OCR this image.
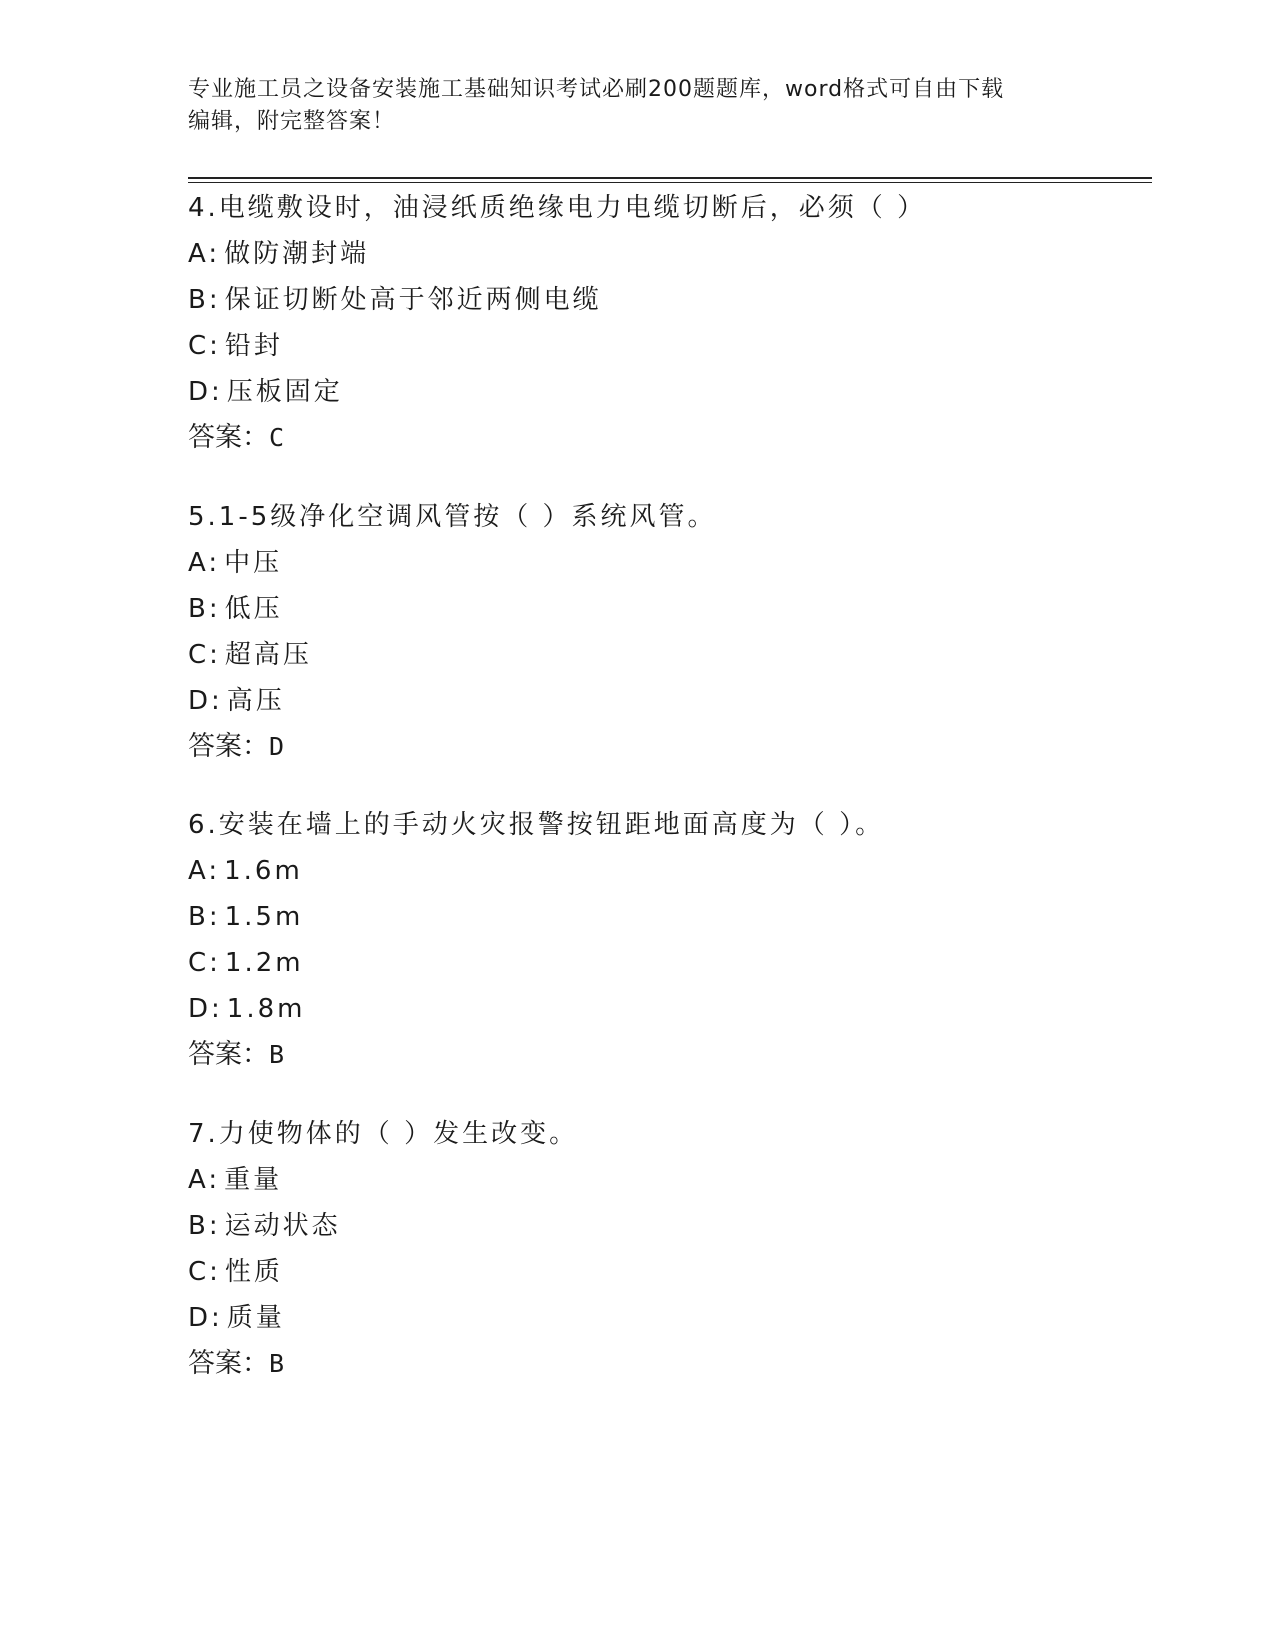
专业施工员之设备安装施工基础知识考试必刷200题题库，word格式可自由下载
编辑，附完整答案！
4.电缆敷设时，油浸纸质绝缘电力电缆切断后，必须（ ）
A: 做防潮封端
B: 保证切断处高于邻近两侧电缆
C: 铅封
D: 压板固定
答案：C
5.1-5级净化空调风管按（ ）系统风管。
A: 中压
B: 低压
C: 超高压
D: 高压
答案：D
6.安装在墙上的手动火灾报警按钮距地面高度为（ ）。
A: 1.6m
B: 1.5m
C: 1.2m
D: 1.8m
答案：B
7.力使物体的（ ）发生改变。
A: 重量
B: 运动状态
C: 性质
D: 质量
答案：B
